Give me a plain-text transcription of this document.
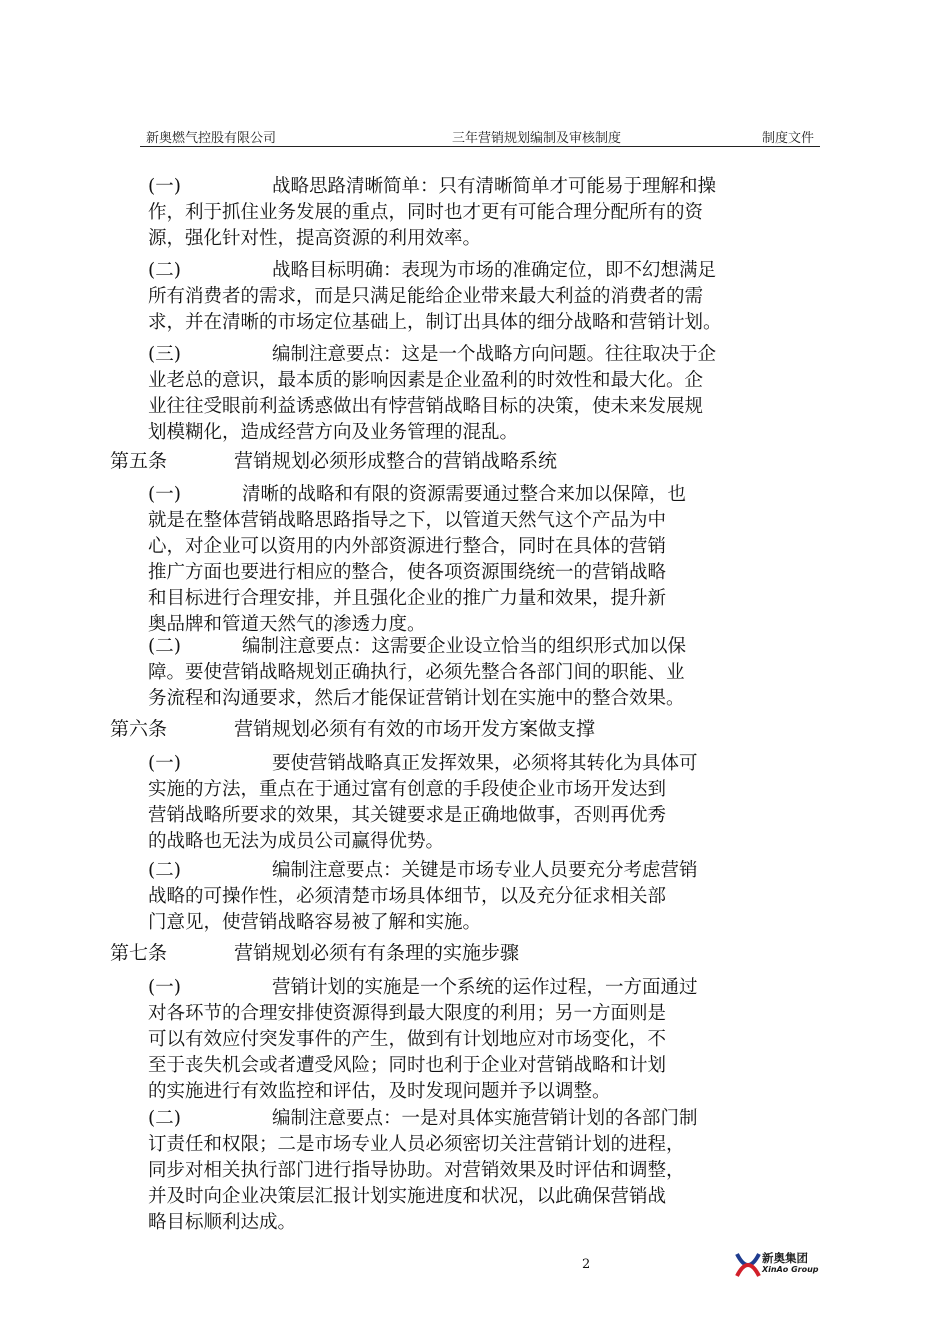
新奥燃气控股有限公司	三年营销规划编制及审核制度	制度文件

(一)	战略思路清晰简单：只有清晰简单才可能易于理解和操

作，利于抓住业务发展的重点，同时也才更有可能合理分配所有的资

源，强化针对性，提高资源的利用效率。

(二)	战略目标明确：表现为市场的准确定位，即不幻想满足

所有消费者的需求，而是只满足能给企业带来最大利益的消费者的需

求，并在清晰的市场定位基础上，制订出具体的细分战略和营销计划。

(三)	编制注意要点：这是一个战略方向问题。往往取决于企

业老总的意识，最本质的影响因素是企业盈利的时效性和最大化。企

业往往受眼前利益诱惑做出有悖营销战略目标的决策，使未来发展规

划模糊化，造成经营方向及业务管理的混乱。

第五条	营销规划必须形成整合的营销战略系统

(一)	清晰的战略和有限的资源需要通过整合来加以保障，也

就是在整体营销战略思路指导之下，以管道天然气这个产品为中

心，对企业可以资用的内外部资源进行整合，同时在具体的营销

推广方面也要进行相应的整合，使各项资源围绕统一的营销战略

和目标进行合理安排，并且强化企业的推广力量和效果，提升新

奥品牌和管道天然气的渗透力度。

(二)	编制注意要点：这需要企业设立恰当的组织形式加以保

障。要使营销战略规划正确执行，必须先整合各部门间的职能、业

务流程和沟通要求，然后才能保证营销计划在实施中的整合效果。

第六条	营销规划必须有有效的市场开发方案做支撑

(一)	要使营销战略真正发挥效果，必须将其转化为具体可

实施的方法，重点在于通过富有创意的手段使企业市场开发达到

营销战略所要求的效果，其关键要求是正确地做事，否则再优秀

的战略也无法为成员公司赢得优势。

(二)	编制注意要点：关键是市场专业人员要充分考虑营销

战略的可操作性，必须清楚市场具体细节，以及充分征求相关部

门意见，使营销战略容易被了解和实施。

第七条	营销规划必须有有条理的实施步骤

(一)	营销计划的实施是一个系统的运作过程，一方面通过

对各环节的合理安排使资源得到最大限度的利用；另一方面则是

可以有效应付突发事件的产生，做到有计划地应对市场变化，不

至于丧失机会或者遭受风险；同时也利于企业对营销战略和计划

的实施进行有效监控和评估，及时发现问题并予以调整。

(二)	编制注意要点：一是对具体实施营销计划的各部门制

订责任和权限；二是市场专业人员必须密切关注营销计划的进程，

同步对相关执行部门进行指导协助。对营销效果及时评估和调整，

并及时向企业决策层汇报计划实施进度和状况，以此确保营销战

略目标顺利达成。

2	新奥集团
XinAo Group
